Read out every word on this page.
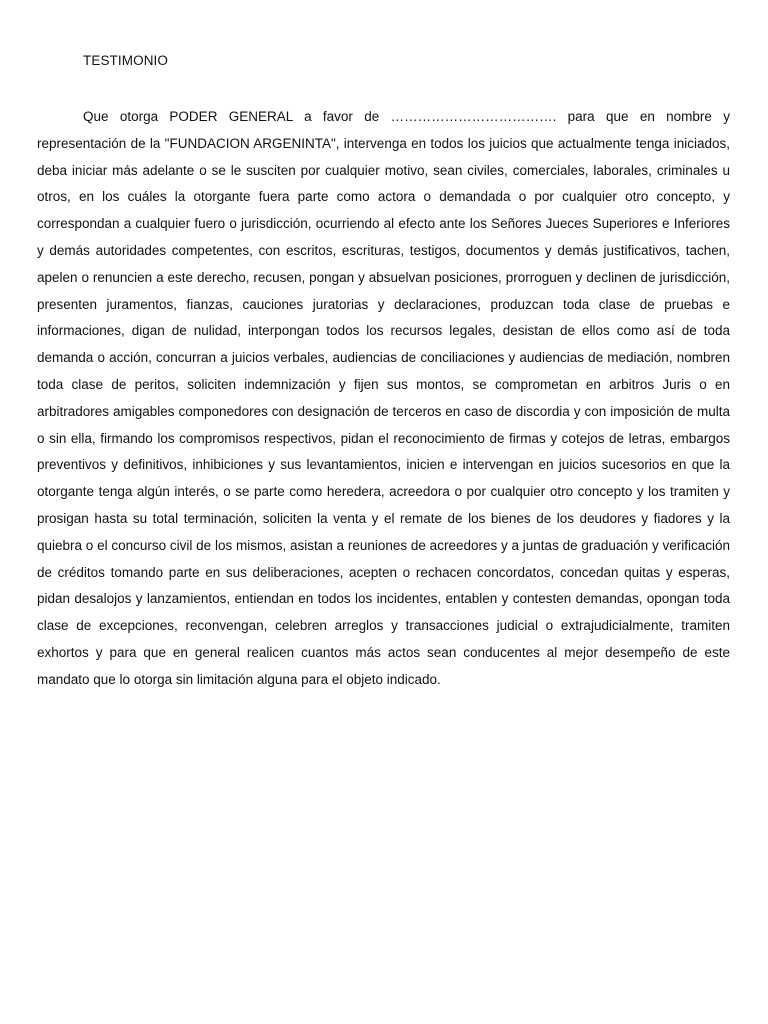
TESTIMONIO

Que otorga PODER GENERAL a favor de ………………………………. para que en nombre y representación de la "FUNDACION ARGENINTA", intervenga en todos los juicios que actualmente tenga iniciados, deba iniciar más adelante o se le susciten por cualquier motivo, sean civiles, comerciales, laborales, criminales u otros, en los cuáles la otorgante fuera parte como actora o demandada o por cualquier otro concepto, y correspondan a cualquier fuero o jurisdicción, ocurriendo al efecto ante los Señores Jueces Superiores e Inferiores y demás autoridades competentes, con escritos, escrituras, testigos, documentos y demás justificativos, tachen, apelen o renuncien a este derecho, recusen, pongan y absuelvan posiciones, prorroguen y declinen de jurisdicción, presenten juramentos, fianzas, cauciones juratorias y declaraciones, produzcan toda clase de pruebas e informaciones, digan de nulidad, interpongan todos los recursos legales, desistan de ellos como así de toda demanda o acción, concurran a juicios verbales, audiencias de conciliaciones y audiencias de mediación, nombren toda clase de peritos, soliciten indemnización y fijen sus montos, se comprometan en arbitros Juris o en arbitradores amigables componedores con designación de terceros en caso de discordia y con imposición de multa o sin ella, firmando los compromisos respectivos, pidan el reconocimiento de firmas y cotejos de letras, embargos preventivos y definitivos, inhibiciones y sus levantamientos, inicien e intervengan en juicios sucesorios en que la otorgante tenga algún interés, o se parte como heredera, acreedora o por cualquier otro concepto y los tramiten y prosigan hasta su total terminación, soliciten la venta y el remate de los bienes de los deudores y fiadores y la quiebra o el concurso civil de los mismos, asistan a reuniones de acreedores y a juntas de graduación y verificación de créditos tomando parte en sus deliberaciones, acepten o rechacen concordatos, concedan quitas y esperas, pidan desalojos y lanzamientos, entiendan en todos los incidentes, entablen y contesten demandas, opongan toda clase de excepciones, reconvengan, celebren arreglos y transacciones judicial o extrajudicialmente, tramiten exhortos y para que en general realicen cuantos más actos sean conducentes al mejor desempeño de este mandato que lo otorga sin limitación alguna para el objeto indicado.
